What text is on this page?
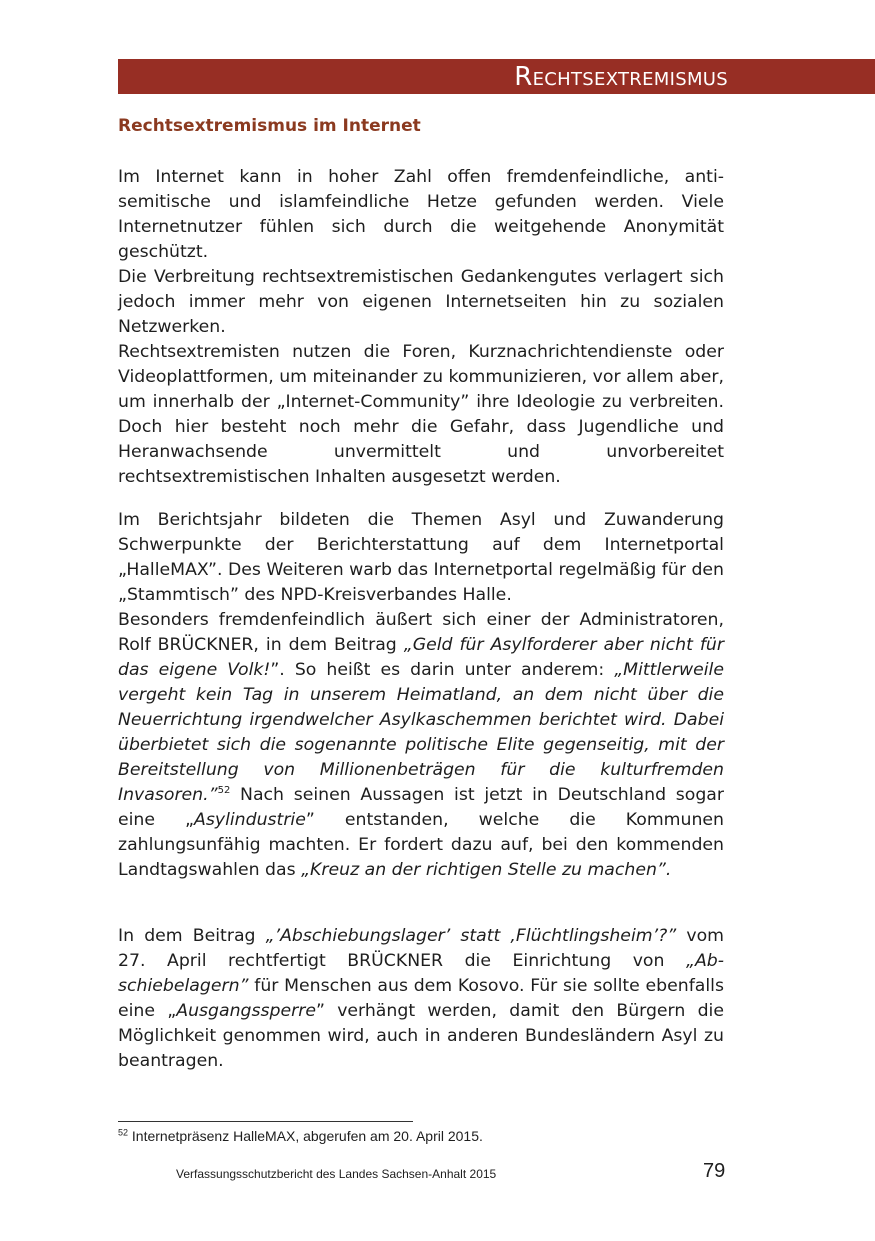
Rechtsextremismus
Rechtsextremismus im Internet

Im Internet kann in hoher Zahl offen fremdenfeindliche, antisemitische und islamfeindliche Hetze gefunden werden. Viele Internetnutzer fühlen sich durch die weitgehende Anonymität geschützt.

Die Verbreitung rechtsextremistischen Gedankengutes verlagert sich jedoch immer mehr von eigenen Internetseiten hin zu sozialen Netzwerken.

Rechtsextremisten nutzen die Foren, Kurznachrichtendienste oder Videoplattformen, um miteinander zu kommunizieren, vor allem aber, um innerhalb der „Internet-Community” ihre Ideologie zu verbreiten. Doch hier besteht noch mehr die Gefahr, dass Jugendliche und Heranwachsende unvermittelt und unvorbereitet rechtsextremistischen Inhalten ausgesetzt werden.

Im Berichtsjahr bildeten die Themen Asyl und Zuwanderung Schwerpunkte der Berichterstattung auf dem Internetportal „HalleMAX”. Des Weiteren warb das Internetportal regelmäßig für den „Stammtisch” des NPD-Kreisverbandes Halle.

Besonders fremdenfeindlich äußert sich einer der Administratoren, Rolf BRÜCKNER, in dem Beitrag „Geld für Asylforderer aber nicht für das eigene Volk!”. So heißt es darin unter anderem: „Mittlerweile vergeht kein Tag in unserem Heimatland, an dem nicht über die Neuerrichtung irgendwelcher Asylkaschemmen berichtet wird. Dabei überbietet sich die sogenannte politische Elite gegenseitig, mit der Bereitstellung von Millionenbeträgen für die kulturfremden Invasoren.”$^{52}$ Nach seinen Aussagen ist jetzt in Deutschland sogar eine „Asylindustrie” entstanden, welche die Kommunen zahlungsunfähig machten. Er fordert dazu auf, bei den kommenden Landtagswahlen das „Kreuz an der richtigen Stelle zu machen”.

In dem Beitrag „’Abschiebungslager’ statt ‚Flüchtlingsheim’?” vom 27. April rechtfertigt BRÜCKNER die Einrichtung von „Abschiebelagern” für Menschen aus dem Kosovo. Für sie sollte ebenfalls eine „Ausgangssperre” verhängt werden, damit den Bürgern die Möglichkeit genommen wird, auch in anderen Bundesländern Asyl zu beantragen.

$^{52}$ Internetpräsenz HalleMAX, abgerufen am 20. April 2015.
Verfassungsschutzbericht des Landes Sachsen-Anhalt 2015	79
